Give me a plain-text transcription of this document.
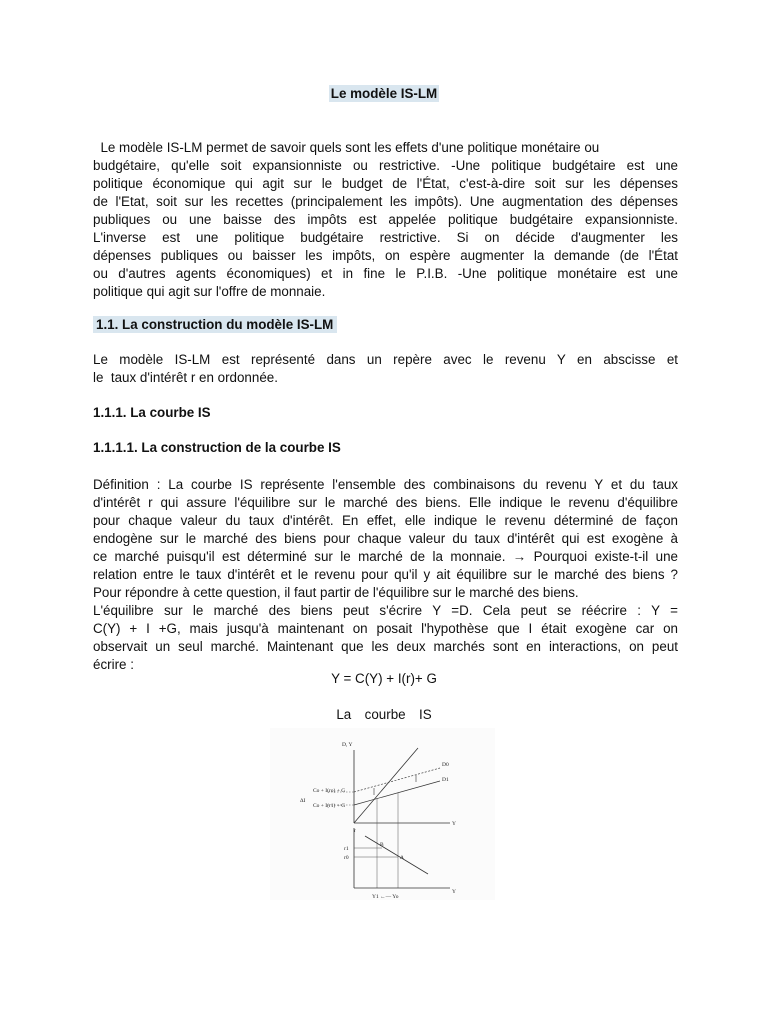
Le modèle IS-LM
Le modèle IS-LM permet de savoir quels sont les effets d'une politique monétaire ou
budgétaire, qu'elle soit expansionniste ou restrictive. -Une politique budgétaire est une
politique économique qui agit sur le budget de l'État, c'est-à-dire soit sur les dépenses
de l'Etat, soit sur les recettes (principalement les impôts). Une augmentation des dépenses
publiques ou une baisse des impôts est appelée politique budgétaire expansionniste.
L'inverse est une politique budgétaire restrictive. Si on décide d'augmenter les
dépenses publiques ou baisser les impôts, on espère augmenter la demande (de l'État
ou d'autres agents économiques) et in fine le P.I.B. -Une politique monétaire est une
politique qui agit sur l'offre de monnaie.
1.1. La construction du modèle IS-LM
Le modèle IS-LM est représenté dans un repère avec le revenu Y en abscisse et
le  taux d'intérêt r en ordonnée.
1.1.1. La courbe IS
1.1.1.1. La construction de la courbe IS
Définition : La courbe IS représente l'ensemble des combinaisons du revenu Y et du taux
d'intérêt r qui assure l'équilibre sur le marché des biens. Elle indique le revenu d'équilibre
pour chaque valeur du taux d'intérêt. En effet, elle indique le revenu déterminé de façon
endogène sur le marché des biens pour chaque valeur du taux d'intérêt qui est exogène à
ce marché puisqu'il est déterminé sur le marché de la monnaie. → Pourquoi existe-t-il une
relation entre le taux d'intérêt et le revenu pour qu'il y ait équilibre sur le marché des biens ?
Pour répondre à cette question, il faut partir de l'équilibre sur le marché des biens.
L'équilibre sur le marché des biens peut s'écrire Y =D. Cela peut se réécrire : Y =
C(Y) + I +G, mais jusqu'à maintenant on posait l'hypothèse que I était exogène car on
observait un seul marché. Maintenant que les deux marchés sont en interactions, on peut
écrire :
Y = C(Y) + I(r)+ G
La  courbe  IS
D, Y
D0
D1
Co + I(ro) + G
Co + I(r1) + G
ΔI
Y
r
r1
r0
B
A
Y
Y1 ←— Yo
